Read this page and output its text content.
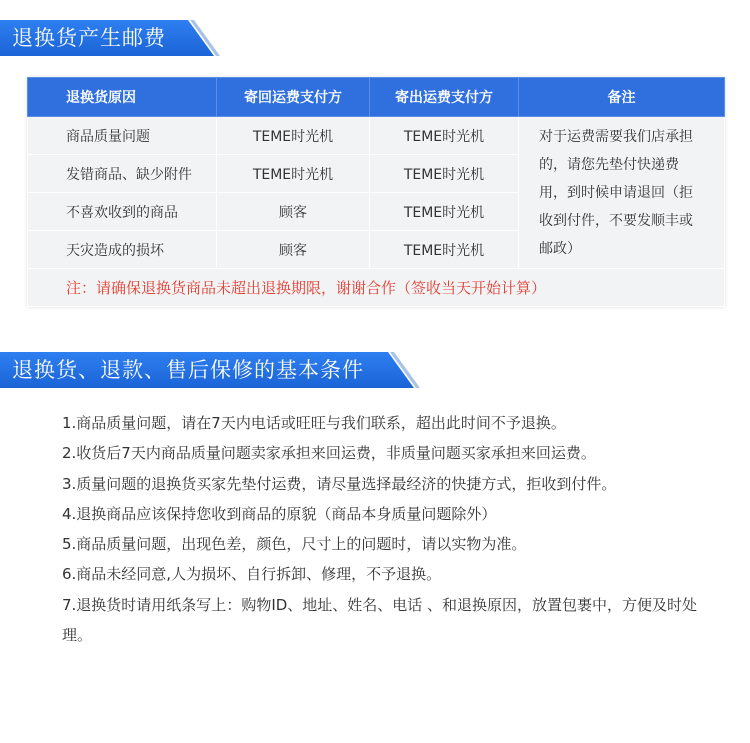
退换货产生邮费
退换货原因	寄回运费支付方	寄出运费支付方	备注
商品质量问题	TEME时光机	TEME时光机	对于运费需要我们店承担的，请您先垫付快递费用，到时候申请退回（拒收到付件，不要发顺丰或邮政）
发错商品、缺少附件	TEME时光机	TEME时光机	
不喜欢收到的商品	顾客	TEME时光机	
天灾造成的损坏	顾客	TEME时光机	
注：请确保退换货商品未超出退换期限，谢谢合作（签收当天开始计算）			
退换货、退款、售后保修的基本条件
1.商品质量问题，请在7天内电话或旺旺与我们联系，超出此时间不予退换。
2.收货后7天内商品质量问题卖家承担来回运费，非质量问题买家承担来回运费。
3.质量问题的退换货买家先垫付运费，请尽量选择最经济的快捷方式，拒收到付件。
4.退换商品应该保持您收到商品的原貌（商品本身质量问题除外）
5.商品质量问题，出现色差，颜色，尺寸上的问题时，请以实物为准。
6.商品未经同意,人为损坏、自行拆卸、修理，不予退换。
7.退换货时请用纸条写上：购物ID、地址、姓名、电话 、和退换原因，放置包裹中，方便及时处理。
